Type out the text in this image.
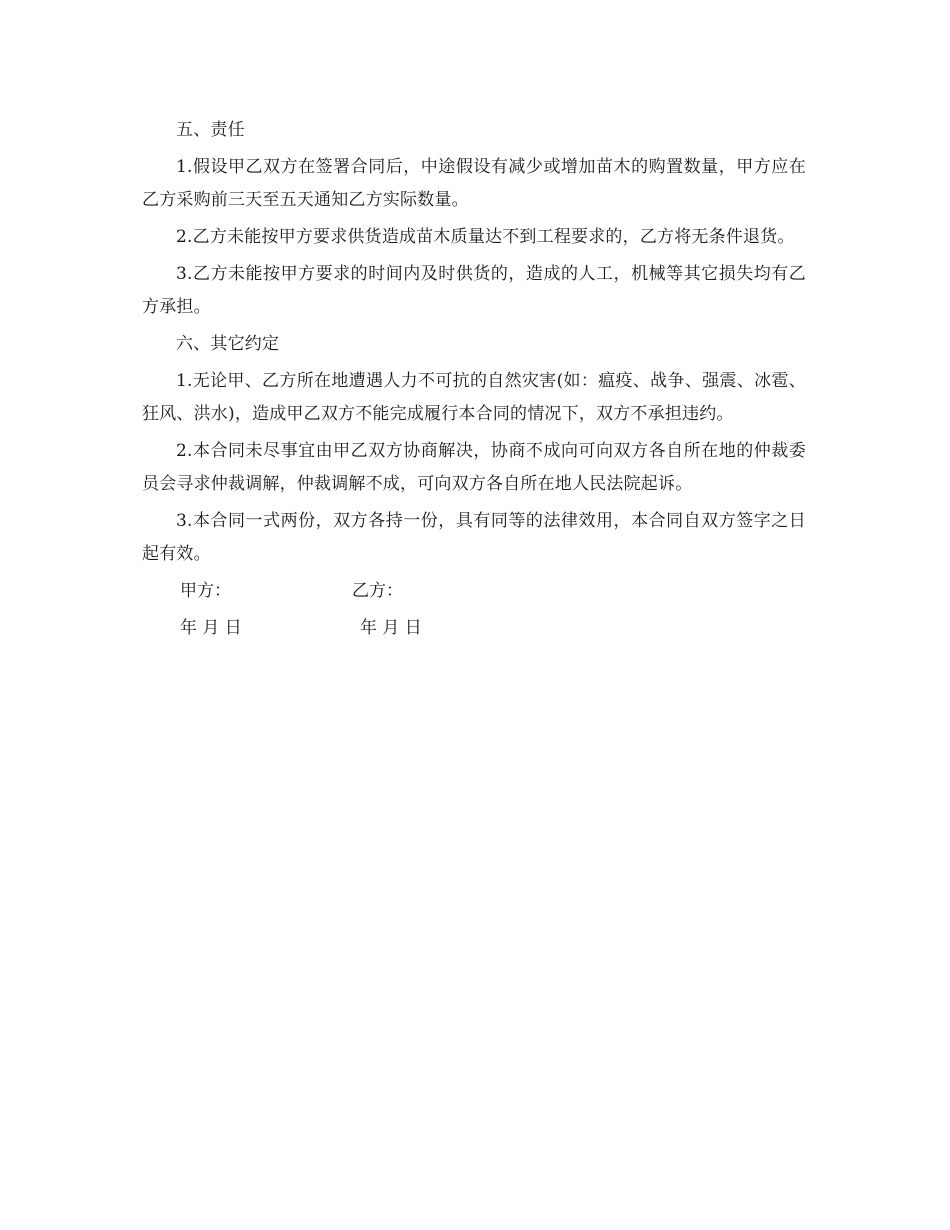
五、责任
1.假设甲乙双方在签署合同后，中途假设有减少或增加苗木的购置数量，甲方应在乙方采购前三天至五天通知乙方实际数量。
2.乙方未能按甲方要求供货造成苗木质量达不到工程要求的，乙方将无条件退货。
3.乙方未能按甲方要求的时间内及时供货的，造成的人工，机械等其它损失均有乙方承担。
六、其它约定
1.无论甲、乙方所在地遭遇人力不可抗的自然灾害(如：瘟疫、战争、强震、冰雹、狂风、洪水)，造成甲乙双方不能完成履行本合同的情况下，双方不承担违约。
2.本合同未尽事宜由甲乙双方协商解决，协商不成向可向双方各自所在地的仲裁委员会寻求仲裁调解，仲裁调解不成，可向双方各自所在地人民法院起诉。
3.本合同一式两份，双方各持一份，具有同等的法律效用，本合同自双方签字之日起有效。
甲方：	乙方：
年 月 日	年 月 日
